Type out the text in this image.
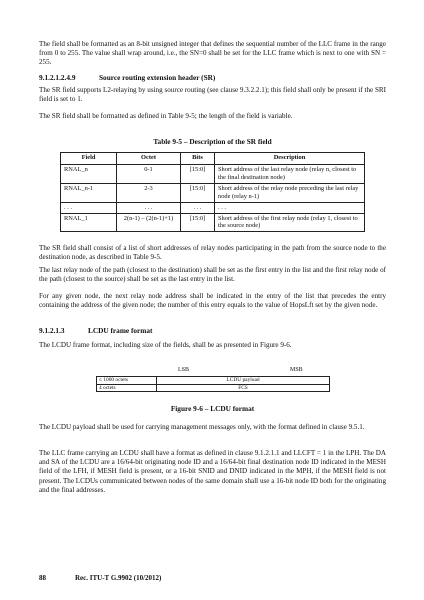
The field shall be formatted as an 8-bit unsigned integer that defines the sequential number of the LLC frame in the range from 0 to 255. The value shall wrap around, i.e., the SN=0 shall be set for the LLC frame which is next to one with SN = 255.

9.1.2.1.2.4.9	Source routing extension header (SR)

The SR field supports L2-relaying by using source routing (see clause 9.3.2.2.1); this field shall only be present if the SRI field is set to 1.

The SR field shall be formatted as defined in Table 9-5; the length of the field is variable.

Table 9-5 – Description of the SR field
Field	Octet	Bits	Description
RNAL_n	0-1	[15:0]	Short address of the last relay node (relay n, closest to the final destination node)
RNAL_n-1	2-3	[15:0]	Short address of the relay node preceding the last relay node (relay n-1)
. . .	. . .	. . .	. . .
RNAL_1	2(n-1) – (2(n-1)+1)	[15:0]	Short address of the first relay node (relay 1, closest to the source node)

The SR field shall consist of a list of short addresses of relay nodes participating in the path from the source node to the destination node, as described in Table 9-5.

The last relay node of the path (closest to the destination) shall be set as the first entry in the list and the first relay node of the path (closest to the source) shall be set as the last entry in the list.

For any given node, the next relay node address shall be indicated in the entry of the list that precedes the entry containing the address of the given node; the number of this entry equals to the value of HopsLft set by the given node.

9.1.2.1.3	LCDU frame format

The LCDU frame format, including size of the fields, shall be as presented in Figure 9-6.

LSB	MSB
≤ 1000 octets	LCDU payload
4 octets	FCS
Figure 9-6 – LCDU format

The LCDU payload shall be used for carrying management messages only, with the format defined in clause 9.5.1.

The LLC frame carrying an LCDU shall have a format as defined in clause 9.1.2.1.1 and LLCFT = 1 in the LPH. The DA and SA of the LCDU are a 16/64-bit originating node ID and a 16/64-bit final destination node ID indicated in the MESH field of the LFH, if MESH field is present, or a 16-bit SNID and DNID indicated in the MPH, if the MESH field is not present. The LCDUs communicated between nodes of the same domain shall use a 16-bit node ID both for the originating and the final addresses.

88	Rec. ITU-T G.9902 (10/2012)
